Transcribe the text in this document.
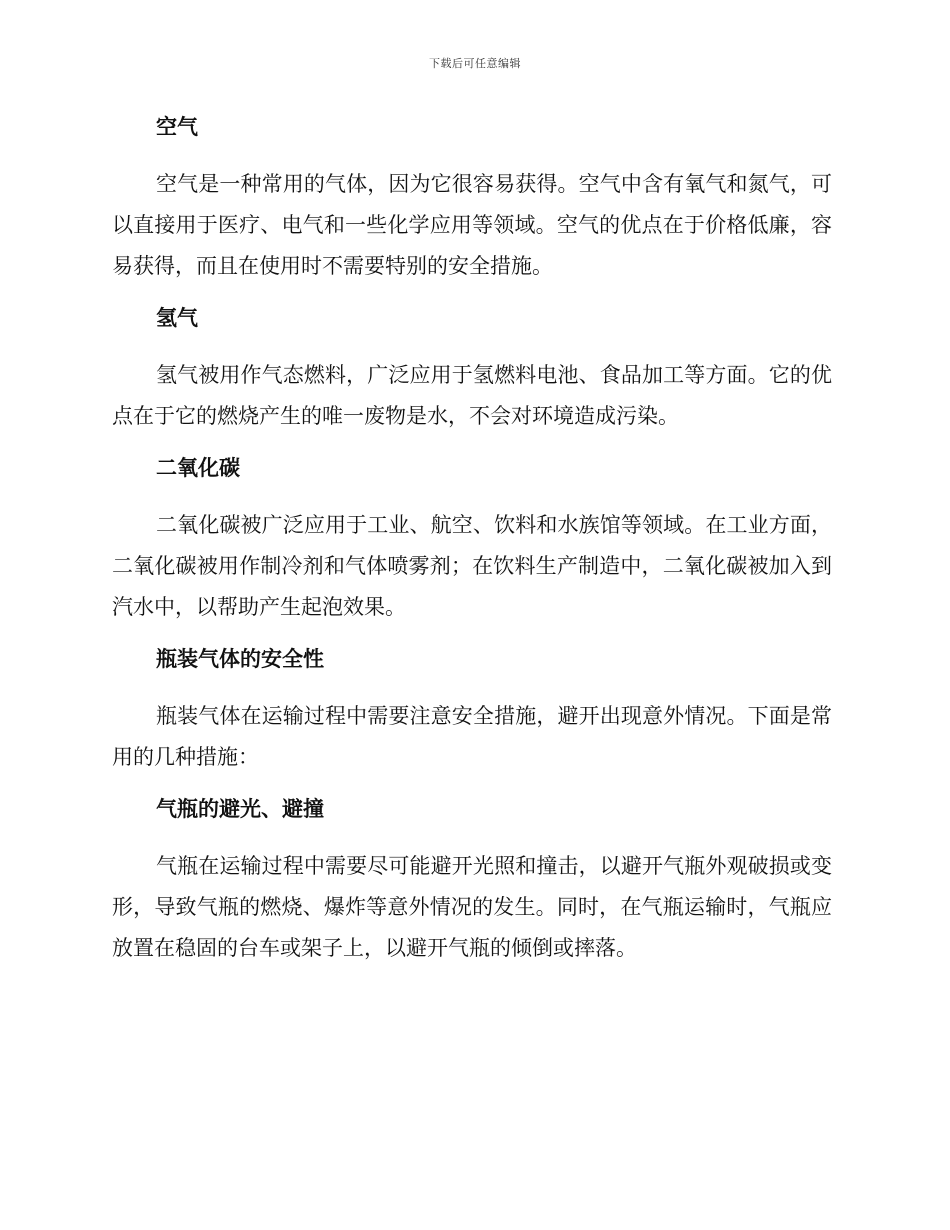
下载后可任意编辑
空气

空气是一种常用的气体，因为它很容易获得。空气中含有氧气和氮气，可以直接用于医疗、电气和一些化学应用等领域。空气的优点在于价格低廉，容易获得，而且在使用时不需要特别的安全措施。

氢气

氢气被用作气态燃料，广泛应用于氢燃料电池、食品加工等方面。它的优点在于它的燃烧产生的唯一废物是水，不会对环境造成污染。

二氧化碳

二氧化碳被广泛应用于工业、航空、饮料和水族馆等领域。在工业方面，二氧化碳被用作制冷剂和气体喷雾剂；在饮料生产制造中，二氧化碳被加入到汽水中，以帮助产生起泡效果。

瓶装气体的安全性

瓶装气体在运输过程中需要注意安全措施，避开出现意外情况。下面是常用的几种措施：

气瓶的避光、避撞

气瓶在运输过程中需要尽可能避开光照和撞击，以避开气瓶外观破损或变形，导致气瓶的燃烧、爆炸等意外情况的发生。同时，在气瓶运输时，气瓶应放置在稳固的台车或架子上，以避开气瓶的倾倒或摔落。
